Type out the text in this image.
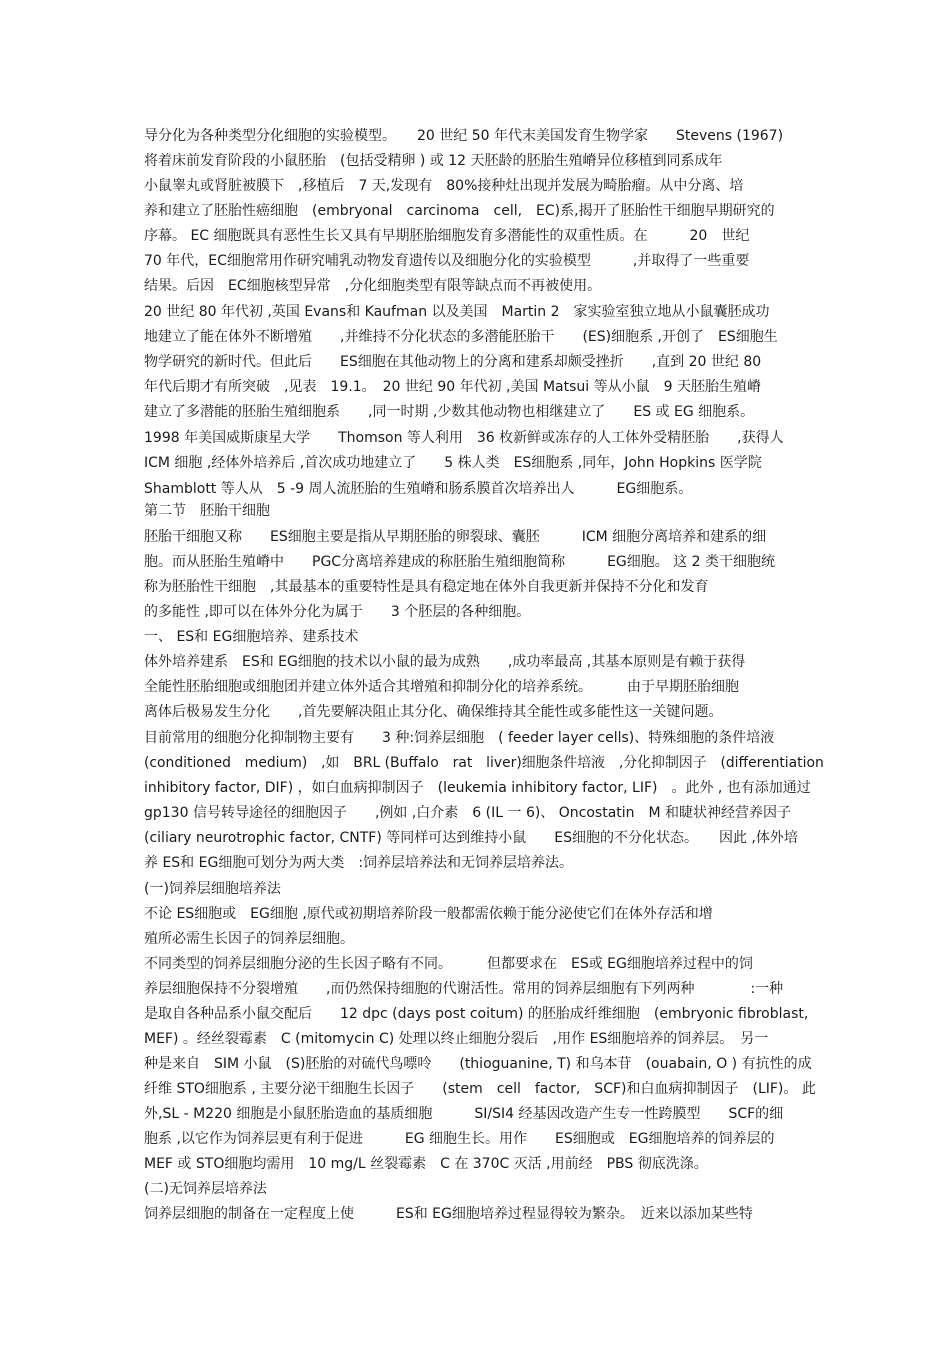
导分化为各种类型分化细胞的实验模型。　　20 世纪 50 年代末美国发育生物学家　　Stevens (1967)
将着床前发育阶段的小鼠胚胎　(包括受精卵 ) 或 12 天胚龄的胚胎生殖嵴异位移植到同系成年
小鼠睾丸或肾脏被膜下　,移植后　7 天,发现有　80%接种灶出现并发展为畸胎瘤。从中分离、培
养和建立了胚胎性癌细胞　(embryonal　carcinoma　cell,　EC)系,揭开了胚胎性干细胞早期研究的
序幕。 EC 细胞既具有恶性生长又具有早期胚胎细胞发育多潜能性的双重性质。在　　　20　世纪
70 年代，EC细胞常用作研究哺乳动物发育遗传以及细胞分化的实验模型　　　,并取得了一些重要
结果。后因　EC细胞核型异常　,分化细胞类型有限等缺点而不再被使用。
20 世纪 80 年代初 ,英国 Evans和 Kaufman 以及美国　Martin 2　家实验室独立地从小鼠囊胚成功
地建立了能在体外不断增殖　　,并维持不分化状态的多潜能胚胎干　　(ES)细胞系 ,开创了　ES细胞生
物学研究的新时代。但此后　　ES细胞在其他动物上的分离和建系却颇受挫折　　,直到 20 世纪 80
年代后期才有所突破　,见表　19.1。　20 世纪 90 年代初 ,美国 Matsui 等从小鼠　9 天胚胎生殖嵴
建立了多潜能的胚胎生殖细胞系　　,同一时期 ,少数其他动物也相继建立了　　ES 或 EG 细胞系。
1998 年美国威斯康星大学　　Thomson 等人利用　36 枚新鲜或冻存的人工体外受精胚胎　　,获得人
ICM 细胞 ,经体外培养后 ,首次成功地建立了　　5 株人类　ES细胞系 ,同年，John Hopkins 医学院
Shamblott 等人从　5 -9 周人流胚胎的生殖嵴和肠系膜首次培养出人　　　EG细胞系。
第二节　胚胎干细胞
胚胎干细胞又称　　ES细胞主要是指从早期胚胎的卵裂球、囊胚　　　ICM 细胞分离培养和建系的细
胞。而从胚胎生殖嵴中　　PGC分离培养建成的称胚胎生殖细胞简称　　　EG细胞。 这 2 类干细胞统
称为胚胎性干细胞　,其最基本的重要特性是具有稳定地在体外自我更新并保持不分化和发育
的多能性 ,即可以在体外分化为属于　　3 个胚层的各种细胞。
一、 ES和 EG细胞培养、建系技术
体外培养建系　ES和 EG细胞的技术以小鼠的最为成熟　　,成功率最高 ,其基本原则是有赖于获得
全能性胚胎细胞或细胞团并建立体外适合其增殖和抑制分化的培养系统。　　　由于早期胚胎细胞
离体后极易发生分化　　,首先要解决阻止其分化、确保维持其全能性或多能性这一关键问题。
目前常用的细胞分化抑制物主要有　　3 种:饲养层细胞　( feeder layer cells)、特殊细胞的条件培液
(conditioned　medium)　,如　BRL (Buffalo　rat　liver)细胞条件培液　,分化抑制因子　(differentiation
inhibitory factor, DIF) ，如白血病抑制因子　(leukemia inhibitory factor, LIF)　。此外 , 也有添加通过
gp130 信号转导途径的细胞因子　　,例如 ,白介素　6 (IL 一 6)、 Oncostatin　M 和睫状神经营养因子
(ciliary neurotrophic factor, CNTF) 等同样可达到维持小鼠　　ES细胞的不分化状态。　　因此 ,体外培
养 ES和 EG细胞可划分为两大类　:饲养层培养法和无饲养层培养法。
(一)饲养层细胞培养法
不论 ES细胞或　EG细胞 ,原代或初期培养阶段一般都需依赖于能分泌使它们在体外存活和增
殖所必需生长因子的饲养层细胞。
不同类型的饲养层细胞分泌的生长因子略有不同。　　　但都要求在　ES或 EG细胞培养过程中的饲
养层细胞保持不分裂增殖　　,而仍然保持细胞的代谢活性。常用的饲养层细胞有下列两种　　　　:一种
是取自各种品系小鼠交配后　　12 dpc (days post coitum) 的胚胎成纤维细胞　(embryonic fibroblast,
MEF) 。经丝裂霉素　C (mitomycin C) 处理以终止细胞分裂后　,用作 ES细胞培养的饲养层。　另一
种是来自　SIM 小鼠　(S)胚胎的对硫代鸟嘌呤　　(thioguanine, T) 和乌本苷　(ouabain, O ) 有抗性的成
纤维 STO细胞系 , 主要分泌干细胞生长因子　　(stem　cell　factor,　SCF)和白血病抑制因子　(LIF)。 此
外,SL - M220 细胞是小鼠胚胎造血的基质细胞　　　SI/SI4 经基因改造产生专一性跨膜型　　SCF的细
胞系 ,以它作为饲养层更有利于促进　　　EG 细胞生长。用作　　ES细胞或　EG细胞培养的饲养层的
MEF 或 STO细胞均需用　10 mg/L 丝裂霉素　C 在 370C 灭活 ,用前经　PBS 彻底洗涤。
(二)无饲养层培养法
饲养层细胞的制备在一定程度上使　　　ES和 EG细胞培养过程显得较为繁杂。　近来以添加某些特
